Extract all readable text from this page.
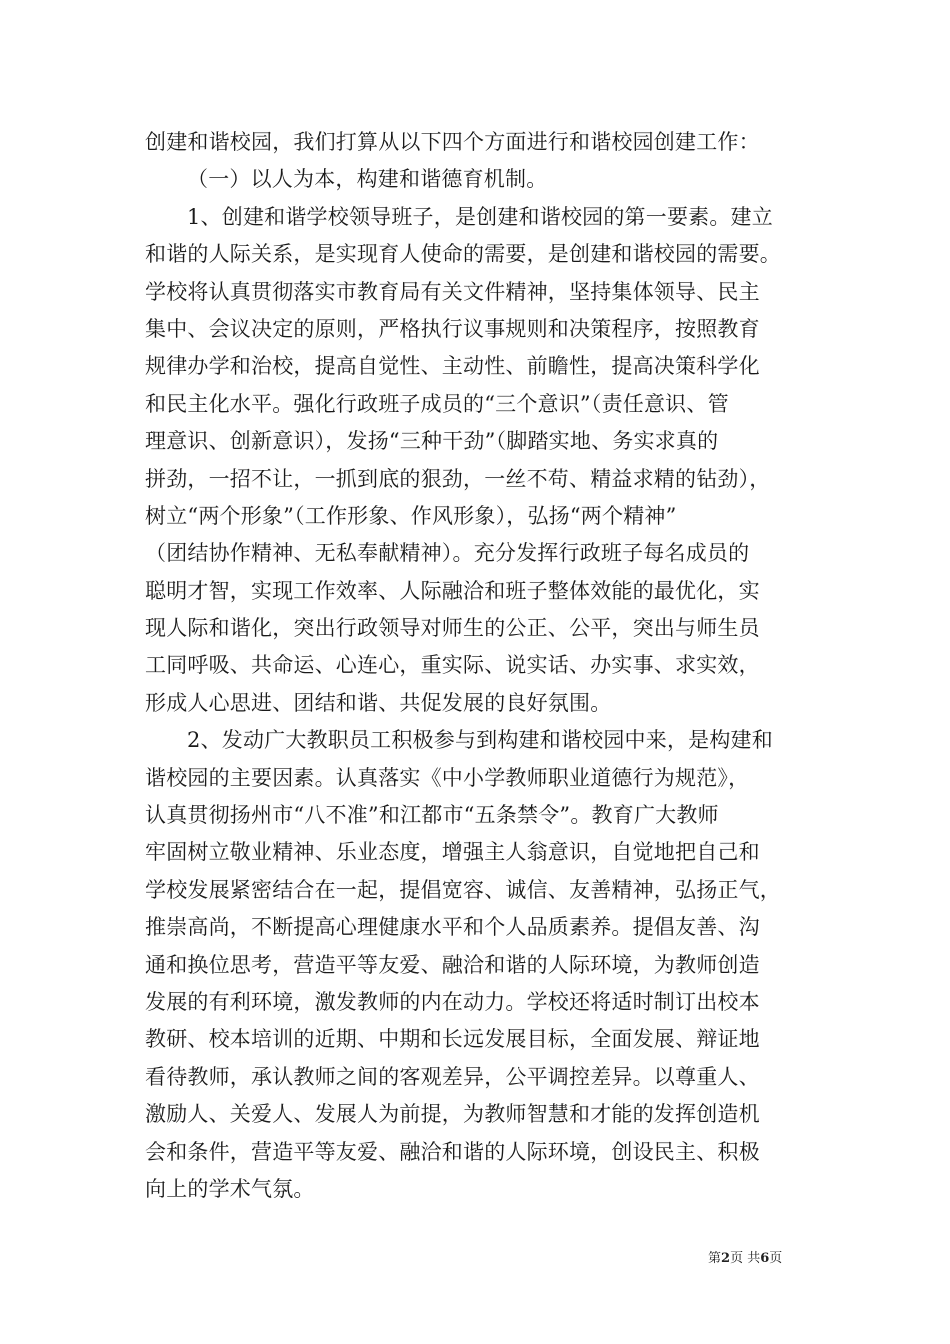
创建和谐校园，我们打算从以下四个方面进行和谐校园创建工作：
（一）以人为本，构建和谐德育机制。
1、创建和谐学校领导班子，是创建和谐校园的第一要素。建立
和谐的人际关系，是实现育人使命的需要，是创建和谐校园的需要。
学校将认真贯彻落实市教育局有关文件精神，坚持集体领导、民主
集中、会议决定的原则，严格执行议事规则和决策程序，按照教育
规律办学和治校，提高自觉性、主动性、前瞻性，提高决策科学化
和民主化水平。强化行政班子成员的“三个意识”（责任意识、管
理意识、创新意识），发扬“三种干劲”（脚踏实地、务实求真的
拼劲，一招不让，一抓到底的狠劲，一丝不苟、精益求精的钻劲），
树立“两个形象”（工作形象、作风形象），弘扬“两个精神”
（团结协作精神、无私奉献精神）。充分发挥行政班子每名成员的
聪明才智，实现工作效率、人际融洽和班子整体效能的最优化，实
现人际和谐化，突出行政领导对师生的公正、公平，突出与师生员
工同呼吸、共命运、心连心，重实际、说实话、办实事、求实效，
形成人心思进、团结和谐、共促发展的良好氛围。
2、发动广大教职员工积极参与到构建和谐校园中来，是构建和
谐校园的主要因素。认真落实《中小学教师职业道德行为规范》，
认真贯彻扬州市“八不准”和江都市“五条禁令”。教育广大教师
牢固树立敬业精神、乐业态度，增强主人翁意识，自觉地把自己和
学校发展紧密结合在一起，提倡宽容、诚信、友善精神，弘扬正气，
推崇高尚，不断提高心理健康水平和个人品质素养。提倡友善、沟
通和换位思考，营造平等友爱、融洽和谐的人际环境，为教师创造
发展的有利环境，激发教师的内在动力。学校还将适时制订出校本
教研、校本培训的近期、中期和长远发展目标，全面发展、辩证地
看待教师，承认教师之间的客观差异，公平调控差异。以尊重人、
激励人、关爱人、发展人为前提，为教师智慧和才能的发挥创造机
会和条件，营造平等友爱、融洽和谐的人际环境，创设民主、积极
向上的学术气氛。
第2页 共6页
